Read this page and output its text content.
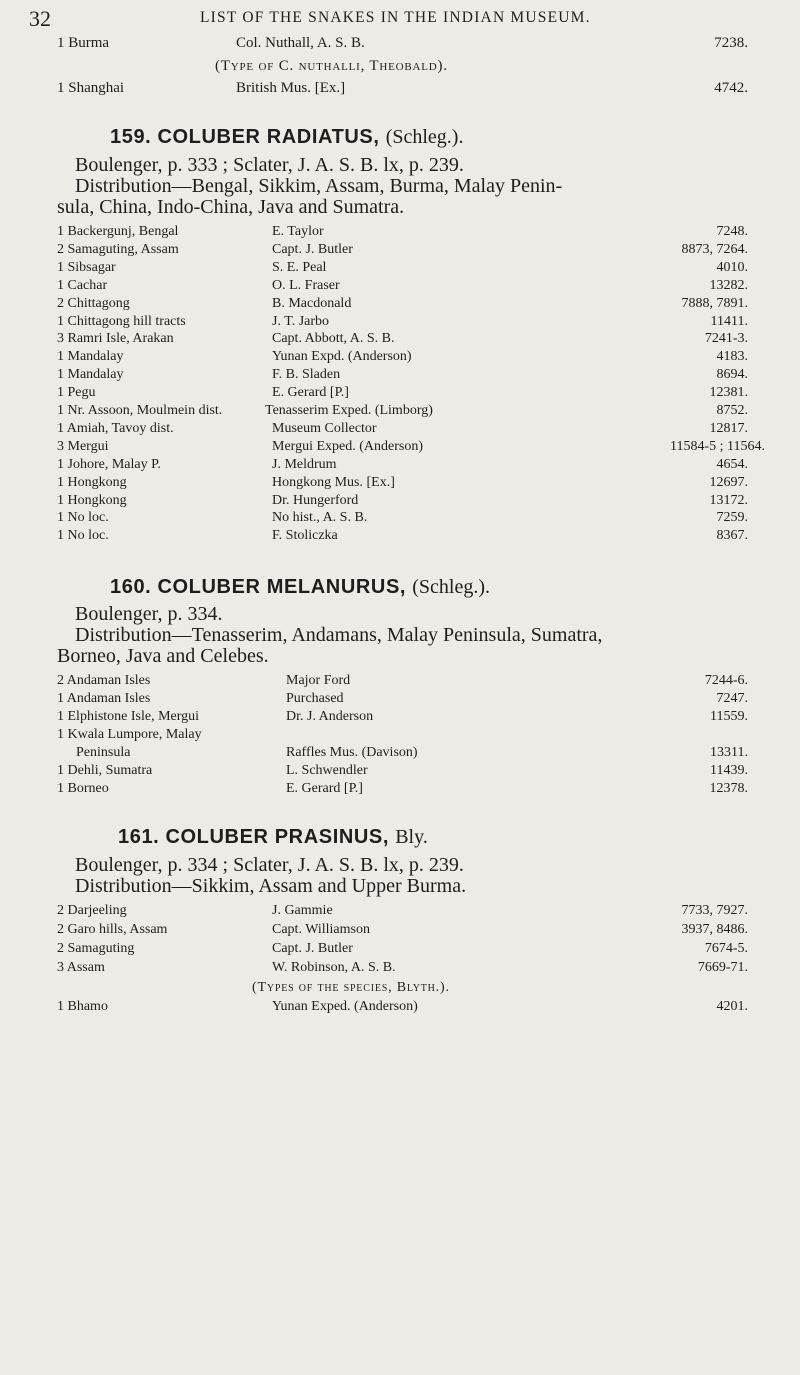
32	LIST OF THE SNAKES IN THE INDIAN MUSEUM.
1 Burma	Col. Nuthall, A. S. B.	7238.
(Type of C. nuthalli, Theobald).
1 Shanghai	British Mus. [Ex.]	4742.
159. COLUBER RADIATUS, (Schleg.).

Boulenger, p. 333 ; Sclater, J. A. S. B. lx, p. 239.

Distribution—Bengal, Sikkim, Assam, Burma, Malay Penin-

sula, China, Indo-China, Java and Sumatra.

1 Backergunj, Bengal	E. Taylor	7248.
2 Samaguting, Assam	Capt. J. Butler	8873, 7264.
1 Sibsagar	S. E. Peal	4010.
1 Cachar	O. L. Fraser	13282.
2 Chittagong	B. Macdonald	7888, 7891.
1 Chittagong hill tracts	J. T. Jarbo	11411.
3 Ramri Isle, Arakan	Capt. Abbott, A. S. B.	7241-3.
1 Mandalay	Yunan Expd. (Anderson)	4183.
1 Mandalay	F. B. Sladen	8694.
1 Pegu	E. Gerard [P.]	12381.
1 Nr. Assoon, Moulmein dist.	Tenasserim Exped. (Limborg)	8752.
1 Amiah, Tavoy dist.	Museum Collector	12817.
3 Mergui	Mergui Exped. (Anderson)	11584-5 ; 11564.
1 Johore, Malay P.	J. Meldrum	4654.
1 Hongkong	Hongkong Mus. [Ex.]	12697.
1 Hongkong	Dr. Hungerford	13172.
1 No loc.	No hist., A. S. B.	7259.
1 No loc.	F. Stoliczka	8367.
160. COLUBER MELANURUS, (Schleg.).

Boulenger, p. 334.

Distribution—Tenasserim, Andamans, Malay Peninsula, Sumatra,

Borneo, Java and Celebes.

2 Andaman Isles	Major Ford	7244-6.
1 Andaman Isles	Purchased	7247.
1 Elphistone Isle, Mergui	Dr. J. Anderson	11559.
1 Kwala Lumpore, Malay
Peninsula	Raffles Mus. (Davison)	13311.
1 Dehli, Sumatra	L. Schwendler	11439.
1 Borneo	E. Gerard [P.]	12378.
161. COLUBER PRASINUS, Bly.

Boulenger, p. 334 ; Sclater, J. A. S. B. lx, p. 239.

Distribution—Sikkim, Assam and Upper Burma.

2 Darjeeling	J. Gammie	7733, 7927.
2 Garo hills, Assam	Capt. Williamson	3937, 8486.
2 Samaguting	Capt. J. Butler	7674-5.
3 Assam	W. Robinson, A. S. B.	7669-71.
(Types of the species, Blyth.).
1 Bhamo	Yunan Exped. (Anderson)	4201.
